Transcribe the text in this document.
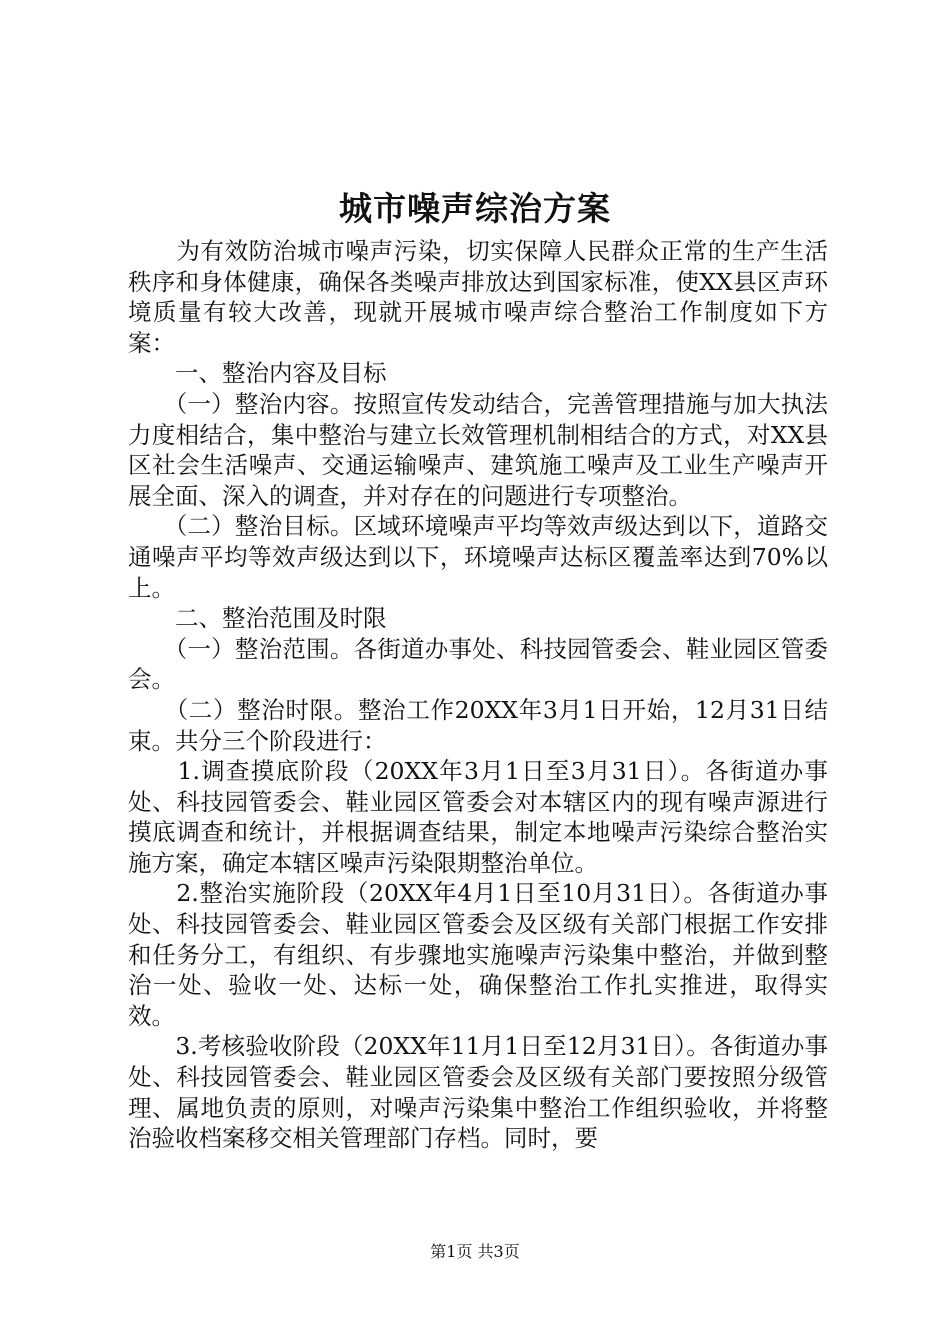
城市噪声综治方案

　　为有效防治城市噪声污染，切实保障人民群众正常的生产生活秩序和身体健康，确保各类噪声排放达到国家标准，使XX县区声环境质量有较大改善，现就开展城市噪声综合整治工作制度如下方案：

　　一、整治内容及目标

　　（一）整治内容。按照宣传发动结合，完善管理措施与加大执法力度相结合，集中整治与建立长效管理机制相结合的方式，对XX县区社会生活噪声、交通运输噪声、建筑施工噪声及工业生产噪声开展全面、深入的调查，并对存在的问题进行专项整治。

　　（二）整治目标。区域环境噪声平均等效声级达到以下，道路交通噪声平均等效声级达到以下，环境噪声达标区覆盖率达到70%以上。

　　二、整治范围及时限

　　（一）整治范围。各街道办事处、科技园管委会、鞋业园区管委会。

　　（二）整治时限。整治工作20XX年3月1日开始，12月31日结束。共分三个阶段进行：

　　1.调查摸底阶段（20XX年3月1日至3月31日）。各街道办事处、科技园管委会、鞋业园区管委会对本辖区内的现有噪声源进行摸底调查和统计，并根据调查结果，制定本地噪声污染综合整治实施方案，确定本辖区噪声污染限期整治单位。

　　2.整治实施阶段（20XX年4月1日至10月31日）。各街道办事处、科技园管委会、鞋业园区管委会及区级有关部门根据工作安排和任务分工，有组织、有步骤地实施噪声污染集中整治，并做到整治一处、验收一处、达标一处，确保整治工作扎实推进，取得实效。

　　3.考核验收阶段（20XX年11月1日至12月31日）。各街道办事处、科技园管委会、鞋业园区管委会及区级有关部门要按照分级管理、属地负责的原则，对噪声污染集中整治工作组织验收，并将整治验收档案移交相关管理部门存档。同时，要

第1页 共3页
